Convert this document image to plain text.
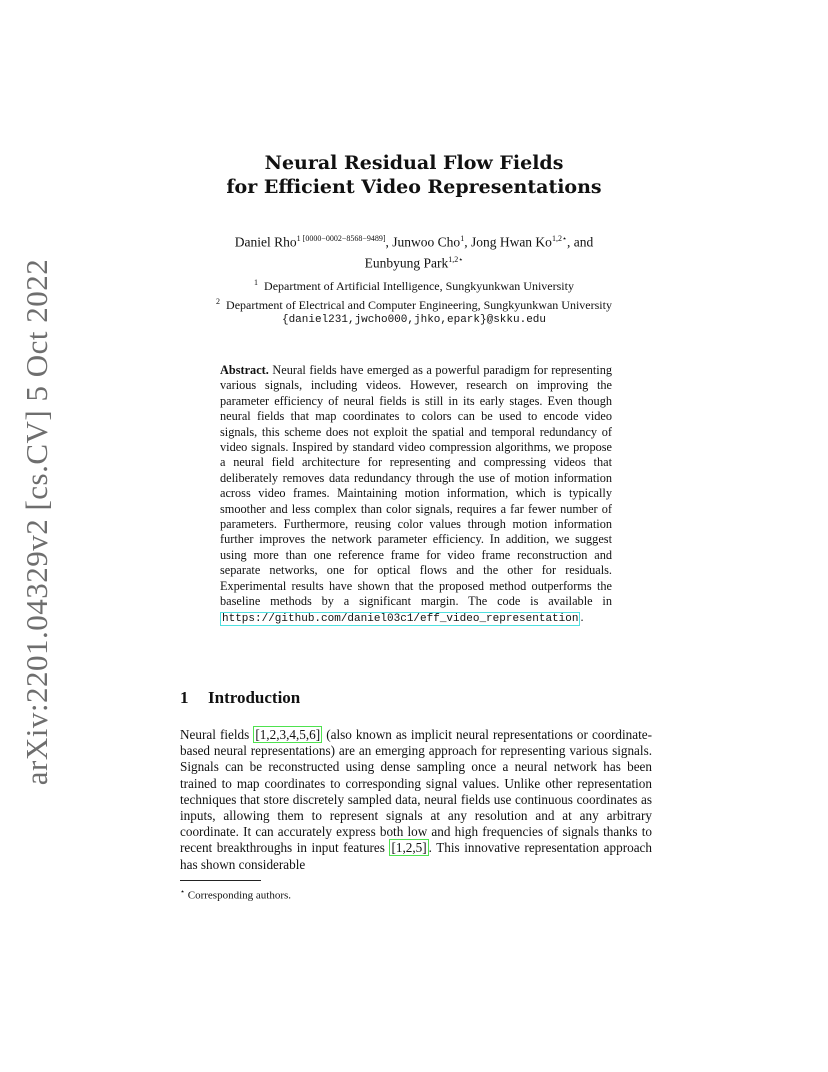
arXiv:2201.04329v2 [cs.CV] 5 Oct 2022
Neural Residual Flow Fields
for Efficient Video Representations
Daniel Rho$^{1 [0000-0002-8568-9489]}$, Junwoo Cho$^1$, Jong Hwan $Ko^{1,2⋆}$, and
Eunbyung Park$^{1,2⋆}$
$^1$ Department of Artificial Intelligence, Sungkyunkwan University
$^2$ Department of Electrical and Computer Engineering, Sungkyunkwan University
{daniel231,jwcho000,jhko,epark}@skku.edu
Abstract. Neural fields have emerged as a powerful paradigm for representing various signals, including videos. However, research on improving the parameter efficiency of neural fields is still in its early stages. Even though neural fields that map coordinates to colors can be used to encode video signals, this scheme does not exploit the spatial and temporal redundancy of video signals. Inspired by standard video compression algorithms, we propose a neural field architecture for representing and compressing videos that deliberately removes data redundancy through the use of motion information across video frames. Maintaining motion information, which is typically smoother and less complex than color signals, requires a far fewer number of parameters. Furthermore, reusing color values through motion information further improves the network parameter efficiency. In addition, we suggest using more than one reference frame for video frame reconstruction and separate networks, one for optical flows and the other for residuals. Experimental results have shown that the proposed method outperforms the baseline methods by a significant margin. The code is available in https://github.com/daniel03c1/eff_video_representation .
1 Introduction
Neural fields [1,2,3,4,5,6] (also known as implicit neural representations or coordinate-based neural representations) are an emerging approach for representing various signals. Signals can be reconstructed using dense sampling once a neural network has been trained to map coordinates to corresponding signal values. Unlike other representation techniques that store discretely sampled data, neural fields use continuous coordinates as inputs, allowing them to represent signals at any resolution and at any arbitrary coordinate. It can accurately express both low and high frequencies of signals thanks to recent breakthroughs in input features [1,2,5] . This innovative representation approach has shown considerable
⋆ Corresponding authors.
